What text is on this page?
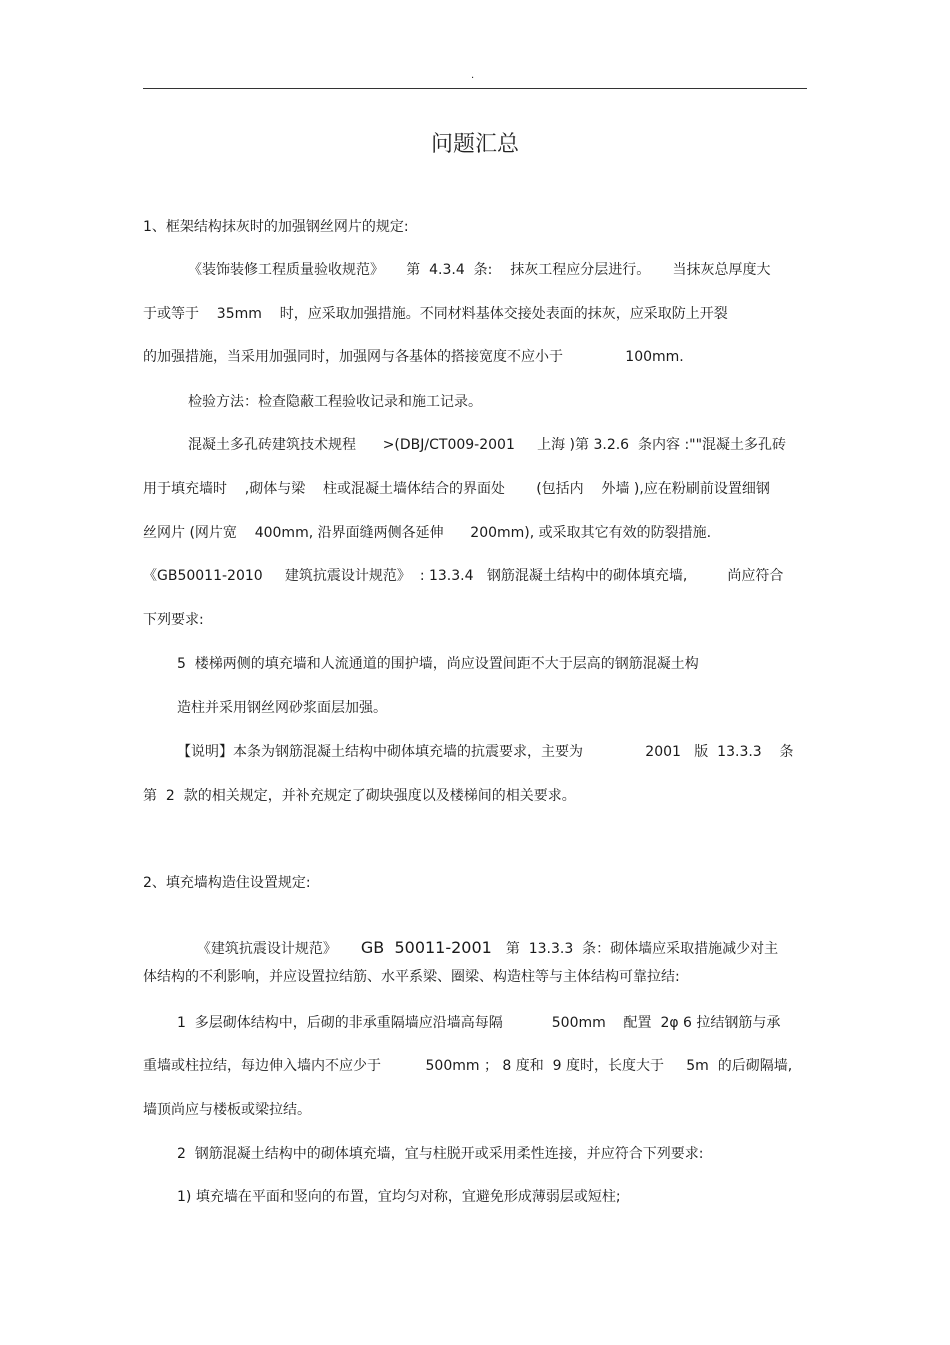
.
问题汇总
1、框架结构抹灰时的加强钢丝网片的规定:
《装饰装修工程质量验收规范》     第  4.3.4  条:    抹灰工程应分层进行。     当抹灰总厚度大
于或等于    35mm    时，应采取加强措施。不同材料基体交接处表面的抹灰，应采取防上开裂
的加强措施，当采用加强同时，加强网与各基体的搭接宽度不应小于              100mm.
检验方法：检查隐蔽工程验收记录和施工记录。
混凝土多孔砖建筑技术规程      >(DBJ/CT009-2001     上海 )第 3.2.6  条内容 :""混凝土多孔砖
用于填充墙时    ,砌体与梁    柱或混凝土墙体结合的界面处       (包括内    外墙 ),应在粉刷前设置细钢
丝网片 (网片宽    400mm, 沿界面缝两侧各延伸      200mm), 或采取其它有效的防裂措施.
《GB50011-2010     建筑抗震设计规范》  : 13.3.4   钢筋混凝土结构中的砌体填充墙,         尚应符合
下列要求:
5  楼梯两侧的填充墙和人流通道的围护墙，尚应设置间距不大于层高的钢筋混凝土构
造柱并采用钢丝网砂浆面层加强。
【说明】本条为钢筋混凝土结构中砌体填充墙的抗震要求，主要为              2001   版  13.3.3    条
第  2  款的相关规定，并补充规定了砌块强度以及楼梯间的相关要求。
2、填充墙构造住设置规定:

《建筑抗震设计规范》 GB  50011-2001 第  13.3.3  条：砌体墙应采取措施减少对主

体结构的不利影响，并应设置拉结筋、水平系梁、圈梁、构造柱等与主体结构可靠拉结:
1  多层砌体结构中，后砌的非承重隔墙应沿墙高每隔           500mm    配置  2φ 6 拉结钢筋与承
重墙或柱拉结，每边伸入墙内不应少于          500mm ； 8 度和  9 度时，长度大于     5m  的后砌隔墙,
墙顶尚应与楼板或梁拉结。
2  钢筋混凝土结构中的砌体填充墙，宜与柱脱开或采用柔性连接，并应符合下列要求:
1) 填充墙在平面和竖向的布置，宜均匀对称，宜避免形成薄弱层或短柱;
